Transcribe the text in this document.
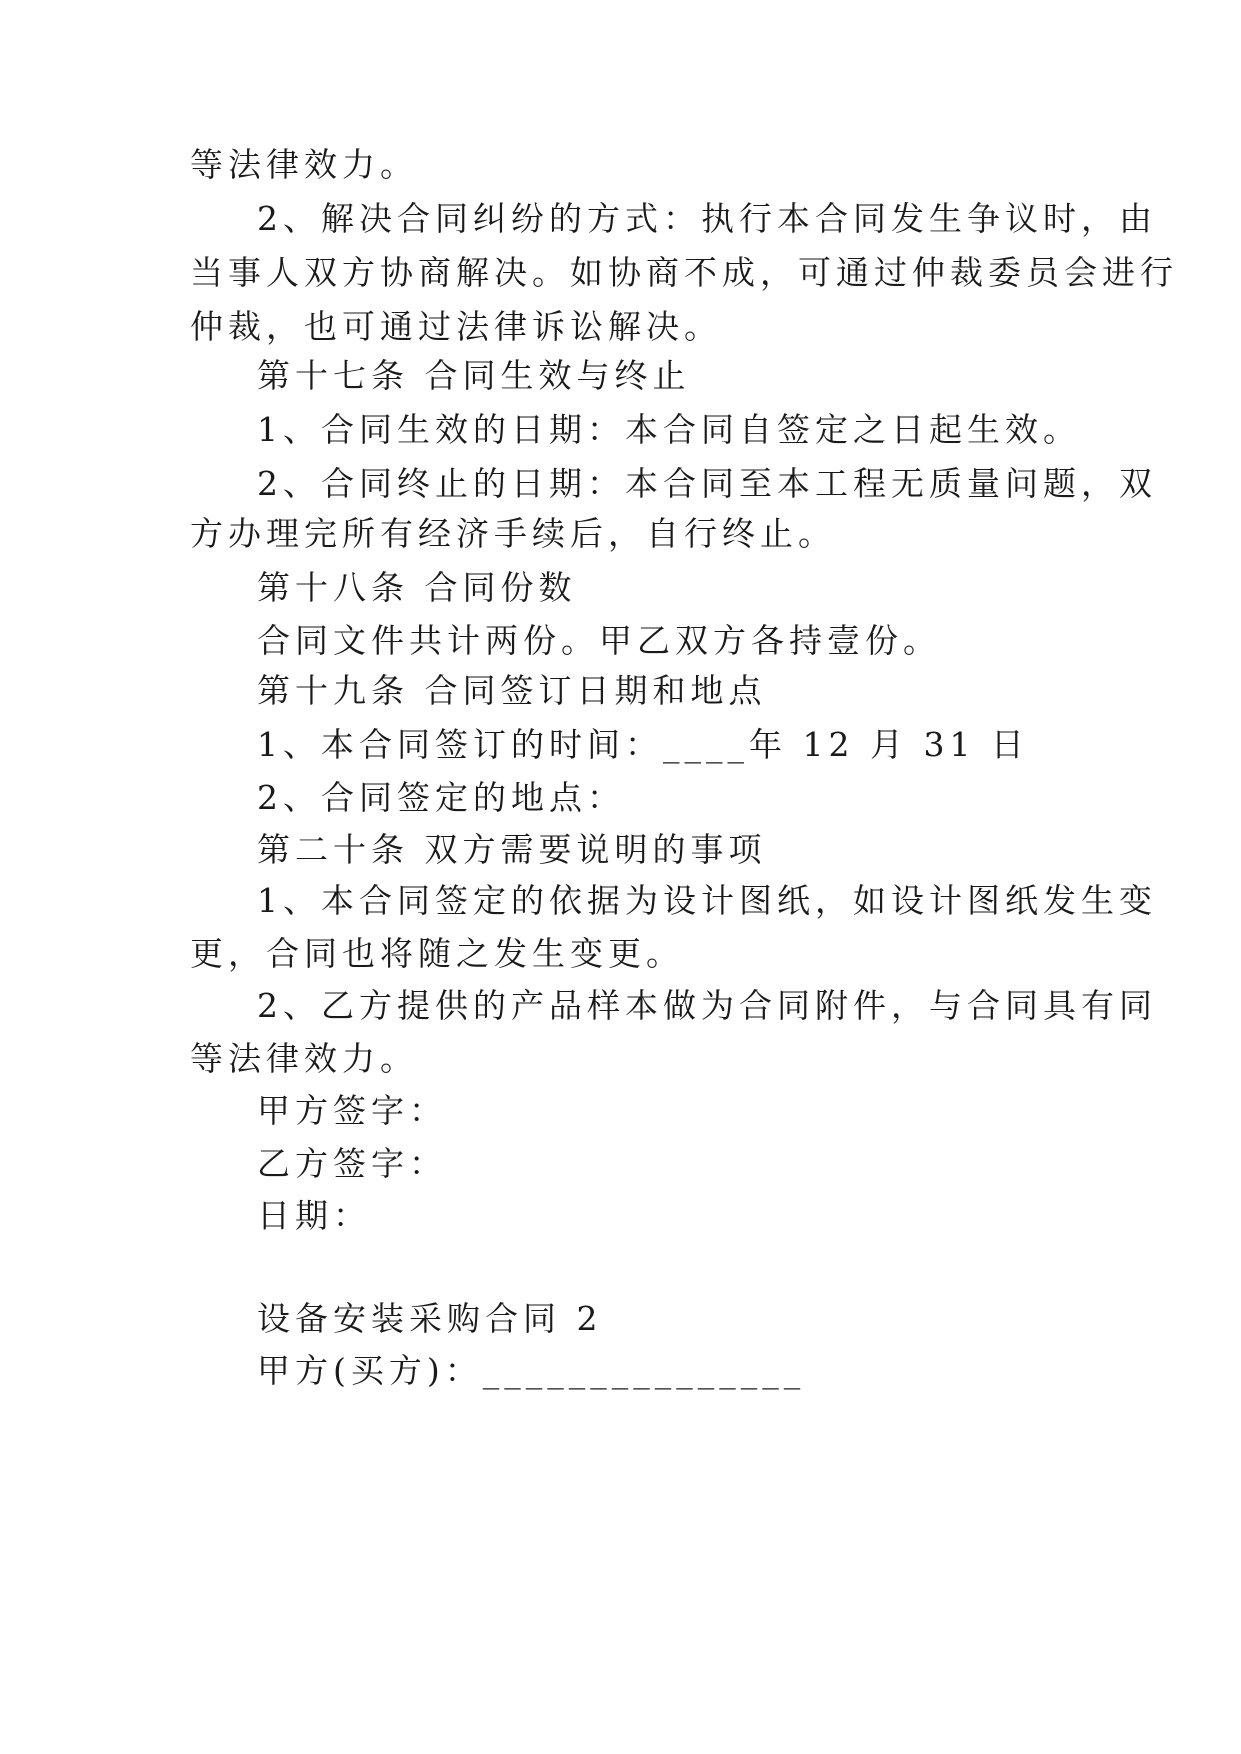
等法律效力。
2、解决合同纠纷的方式：执行本合同发生争议时，由
当事人双方协商解决。如协商不成，可通过仲裁委员会进行
仲裁，也可通过法律诉讼解决。
第十七条 合同生效与终止
1、合同生效的日期：本合同自签定之日起生效。
2、合同终止的日期：本合同至本工程无质量问题，双
方办理完所有经济手续后，自行终止。
第十八条 合同份数
合同文件共计两份。甲乙双方各持壹份。
第十九条 合同签订日期和地点
1、本合同签订的时间：____年 12 月 31 日
2、合同签定的地点：
第二十条 双方需要说明的事项
1、本合同签定的依据为设计图纸，如设计图纸发生变
更，合同也将随之发生变更。
2、乙方提供的产品样本做为合同附件，与合同具有同
等法律效力。
甲方签字：
乙方签字：
日期：
设备安装采购合同 2
甲方(买方)：_______________
